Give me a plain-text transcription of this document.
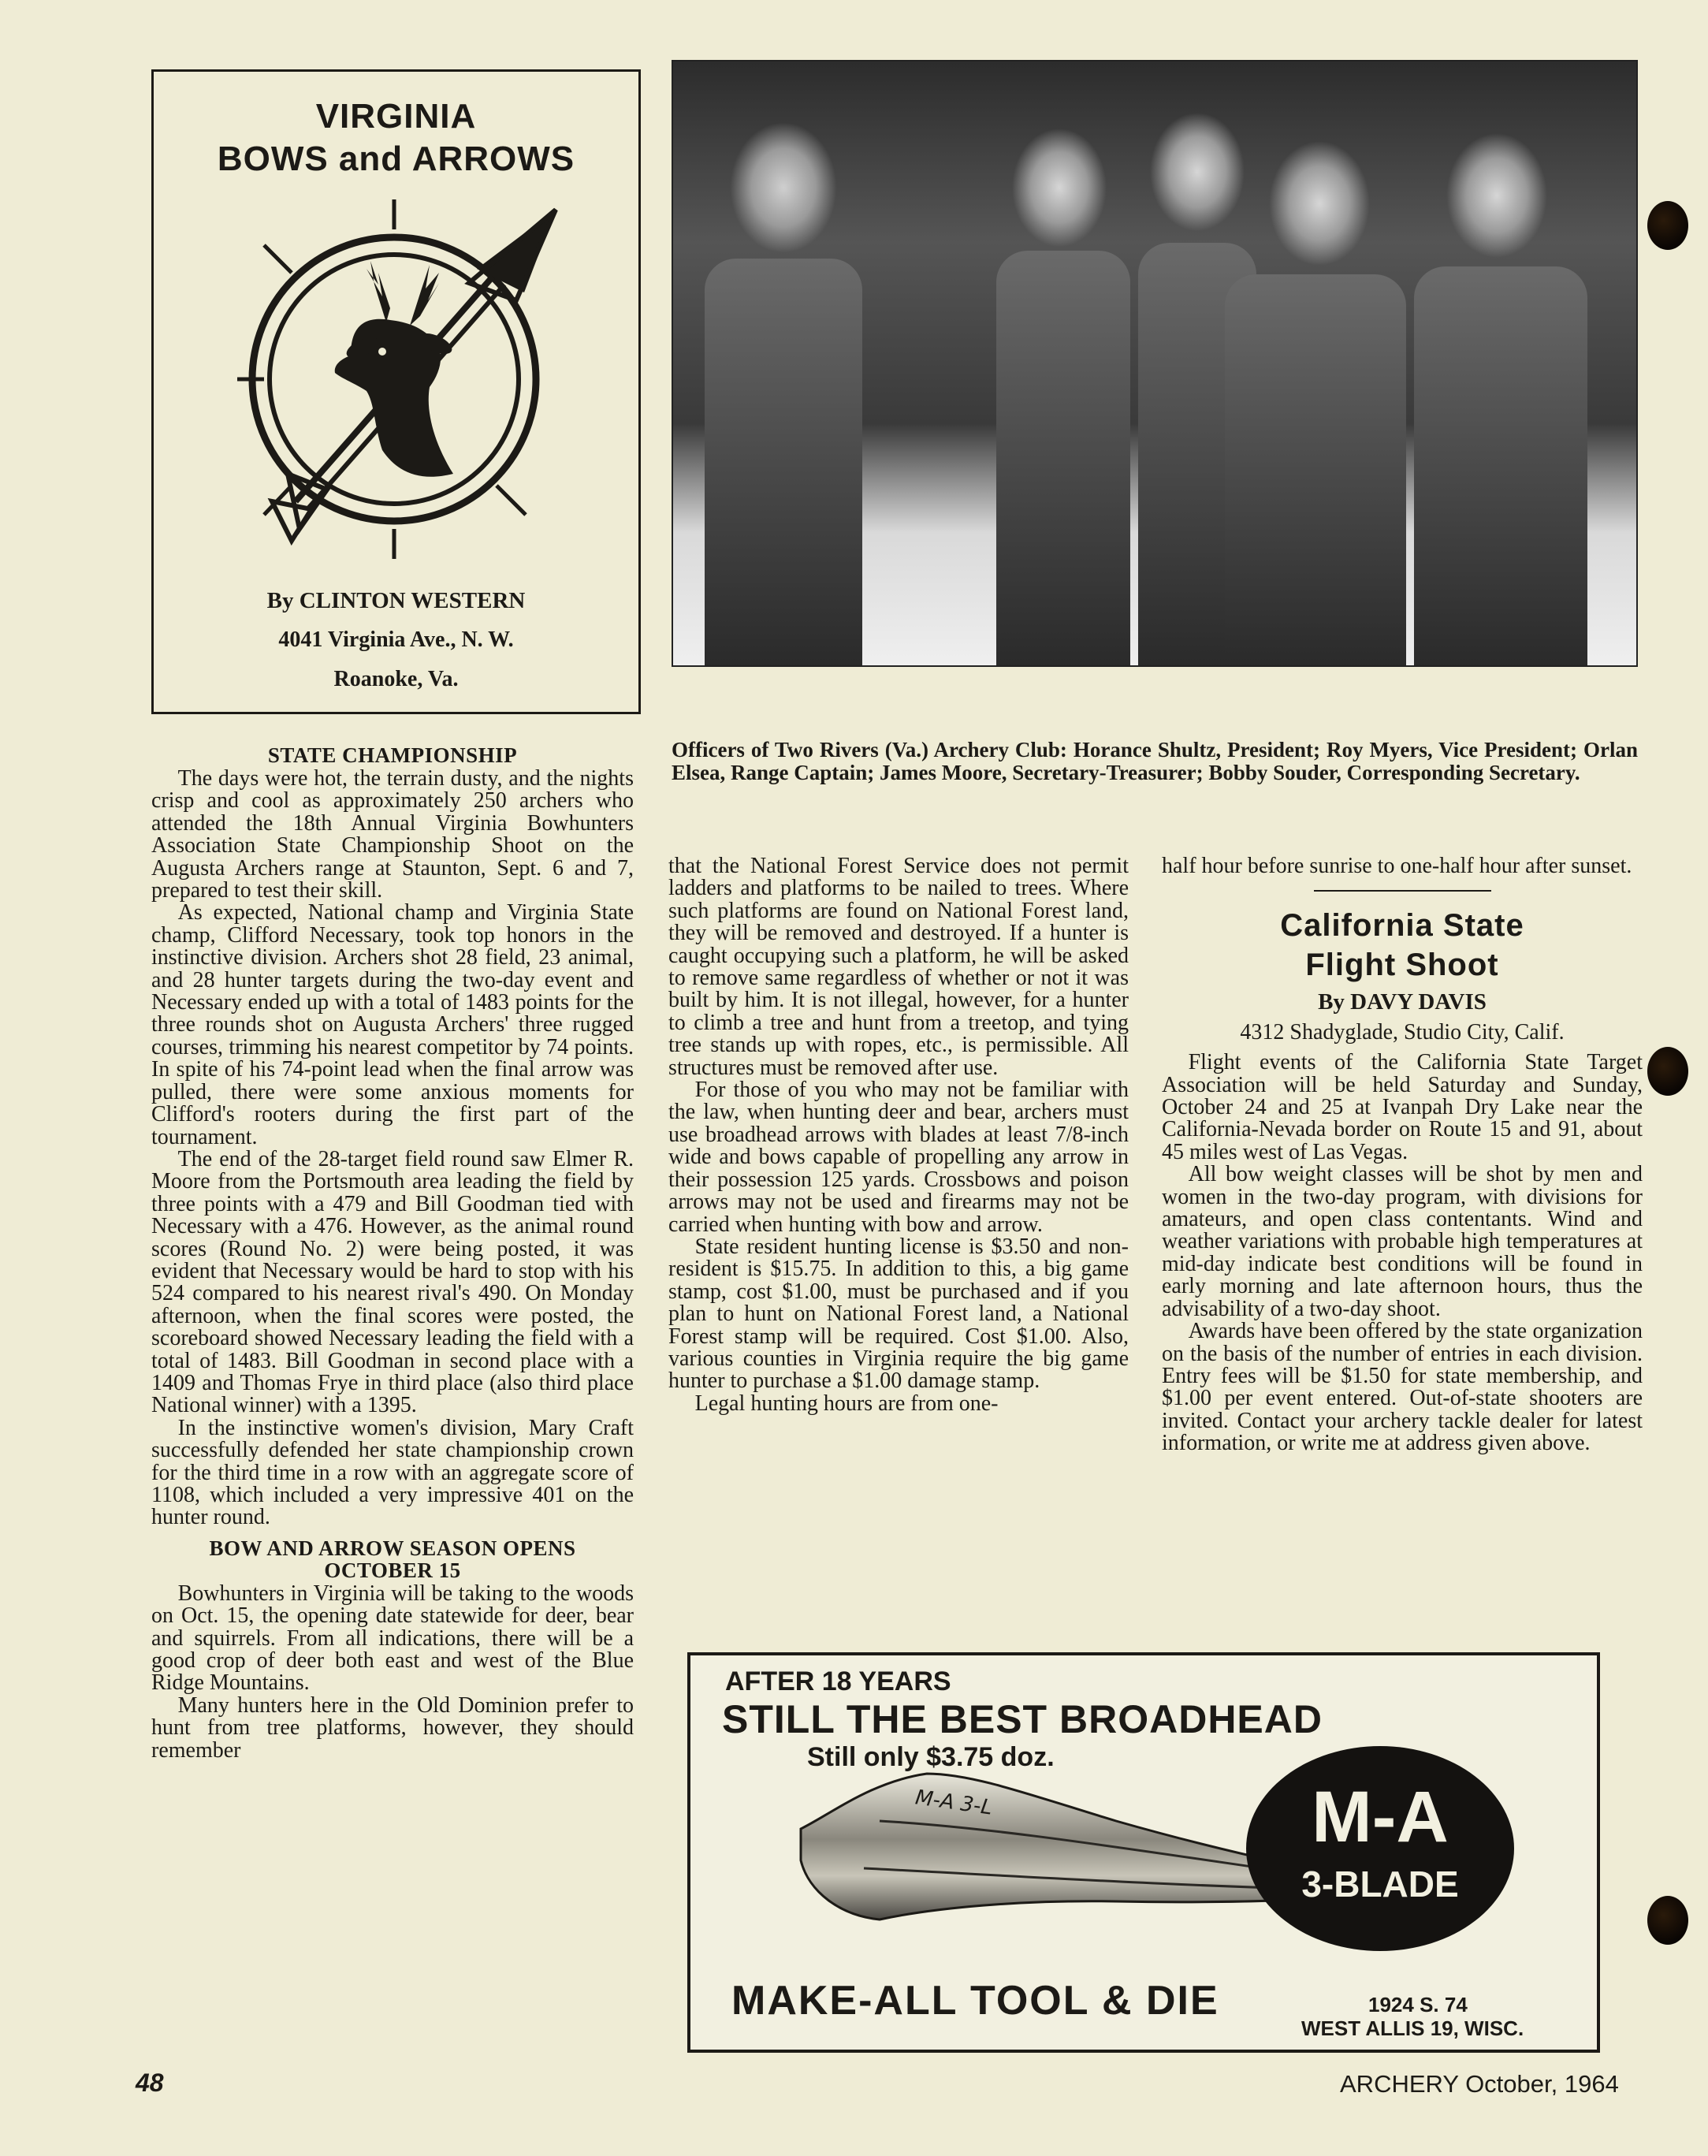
VIRGINIA
BOWS and ARROWS
By CLINTON WESTERN
4041 Virginia Ave., N. W.
Roanoke, Va.
Officers of Two Rivers (Va.) Archery Club: Horance Shultz, President; Roy Myers, Vice President; Orlan Elsea, Range Captain; James Moore, Secretary-Treasurer; Bobby Souder, Corresponding Secretary.
STATE CHAMPIONSHIP

The days were hot, the terrain dusty, and the nights crisp and cool as approximately 250 archers who attended the 18th Annual Virginia Bowhunters Association State Championship Shoot on the Augusta Archers range at Staunton, Sept. 6 and 7, prepared to test their skill.

As expected, National champ and Virginia State champ, Clifford Necessary, took top honors in the instinctive division. Archers shot 28 field, 23 animal, and 28 hunter targets during the two-day event and Necessary ended up with a total of 1483 points for the three rounds shot on Augusta Archers' three rugged courses, trimming his nearest competitor by 74 points. In spite of his 74-point lead when the final arrow was pulled, there were some anxious moments for Clifford's rooters during the first part of the tournament.

The end of the 28-target field round saw Elmer R. Moore from the Portsmouth area leading the field by three points with a 479 and Bill Goodman tied with Necessary with a 476. However, as the animal round scores (Round No. 2) were being posted, it was evident that Necessary would be hard to stop with his 524 compared to his nearest rival's 490. On Monday afternoon, when the final scores were posted, the scoreboard showed Necessary leading the field with a total of 1483. Bill Goodman in second place with a 1409 and Thomas Frye in third place (also third place National winner) with a 1395.

In the instinctive women's division, Mary Craft successfully defended her state championship crown for the third time in a row with an aggregate score of 1108, which included a very impressive 401 on the hunter round.

BOW AND ARROW SEASON OPENS OCTOBER 15

Bowhunters in Virginia will be taking to the woods on Oct. 15, the opening date statewide for deer, bear and squirrels. From all indications, there will be a good crop of deer both east and west of the Blue Ridge Mountains.

Many hunters here in the Old Dominion prefer to hunt from tree platforms, however, they should remember

that the National Forest Service does not permit ladders and platforms to be nailed to trees. Where such platforms are found on National Forest land, they will be removed and destroyed. If a hunter is caught occupying such a platform, he will be asked to remove same regardless of whether or not it was built by him. It is not illegal, however, for a hunter to climb a tree and hunt from a treetop, and tying tree stands up with ropes, etc., is permissible. All structures must be removed after use.

For those of you who may not be familiar with the law, when hunting deer and bear, archers must use broadhead arrows with blades at least 7/8-inch wide and bows capable of propelling any arrow in their possession 125 yards. Crossbows and poison arrows may not be used and firearms may not be carried when hunting with bow and arrow.

State resident hunting license is $3.50 and non-resident is $15.75. In addition to this, a big game stamp, cost $1.00, must be purchased and if you plan to hunt on National Forest land, a National Forest stamp will be required. Cost $1.00. Also, various counties in Virginia require the big game hunter to purchase a $1.00 damage stamp.

Legal hunting hours are from one-

half hour before sunrise to one-half hour after sunset.

California State
Flight Shoot
By DAVY DAVIS
4312 Shadyglade, Studio City, Calif.

Flight events of the California State Target Association will be held Saturday and Sunday, October 24 and 25 at Ivanpah Dry Lake near the California-Nevada border on Route 15 and 91, about 45 miles west of Las Vegas.

All bow weight classes will be shot by men and women in the two-day program, with divisions for amateurs, and open class contentants. Wind and weather variations with probable high temperatures at mid-day indicate best conditions will be found in early morning and late afternoon hours, thus the advisability of a two-day shoot.

Awards have been offered by the state organization on the basis of the number of entries in each division. Entry fees will be $1.50 for state membership, and $1.00 per event entered. Out-of-state shooters are invited. Contact your archery tackle dealer for latest information, or write me at address given above.

AFTER 18 YEARS
STILL THE BEST BROADHEAD
Still only $3.75 doz.
M-A 3-L	M-A
3-BLADE
MAKE-ALL TOOL & DIE	1924 S. 74
WEST ALLIS 19, WISC.
48	ARCHERY October, 1964
